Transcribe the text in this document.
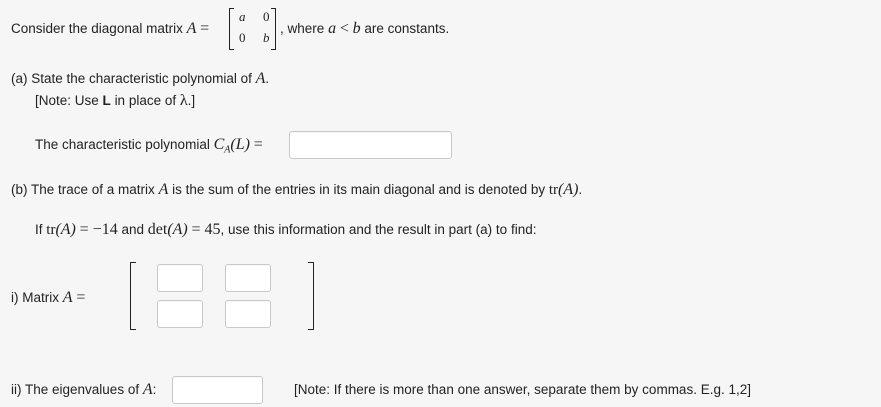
Consider the diagonal matrix A =
a 0
0 b
, where a < b are constants.
(a) State the characteristic polynomial of A.
[Note: Use L in place of λ.]
The characteristic polynomial $C_A(L)$ =
(b) The trace of a matrix A is the sum of the entries in its main diagonal and is denoted by tr(A).
If tr(A) = −14 and det(A) = 45, use this information and the result in part (a) to find:
i) Matrix A =
ii) The eigenvalues of A:	[Note: If there is more than one answer, separate them by commas. E.g. 1,2]
